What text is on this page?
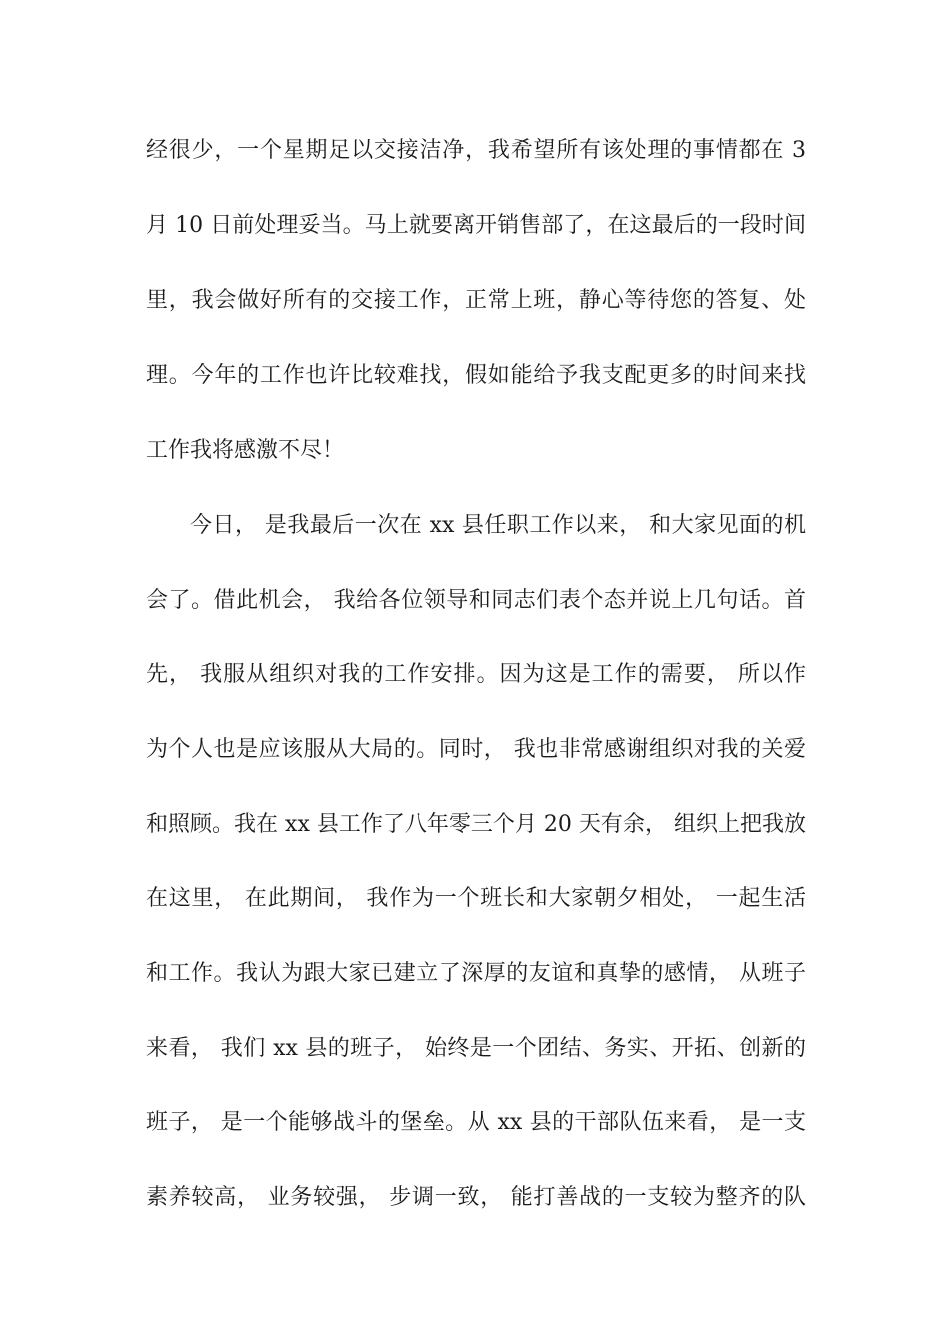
经很少，一个星期足以交接洁净，我希望所有该处理的事情都在 3
月 10 日前处理妥当。马上就要离开销售部了，在这最后的一段时间
里，我会做好所有的交接工作，正常上班，静心等待您的答复、处
理。今年的工作也许比较难找，假如能给予我支配更多的时间来找
工作我将感激不尽！
今日， 是我最后一次在 xx 县任职工作以来， 和大家见面的机
会了。借此机会， 我给各位领导和同志们表个态并说上几句话。首
先， 我服从组织对我的工作安排。因为这是工作的需要， 所以作
为个人也是应该服从大局的。同时， 我也非常感谢组织对我的关爱
和照顾。我在 xx 县工作了八年零三个月 20 天有余， 组织上把我放
在这里， 在此期间， 我作为一个班长和大家朝夕相处， 一起生活
和工作。我认为跟大家已建立了深厚的友谊和真挚的感情， 从班子
来看， 我们 xx 县的班子， 始终是一个团结、务实、开拓、创新的
班子， 是一个能够战斗的堡垒。从 xx 县的干部队伍来看， 是一支
素养较高， 业务较强， 步调一致， 能打善战的一支较为整齐的队
